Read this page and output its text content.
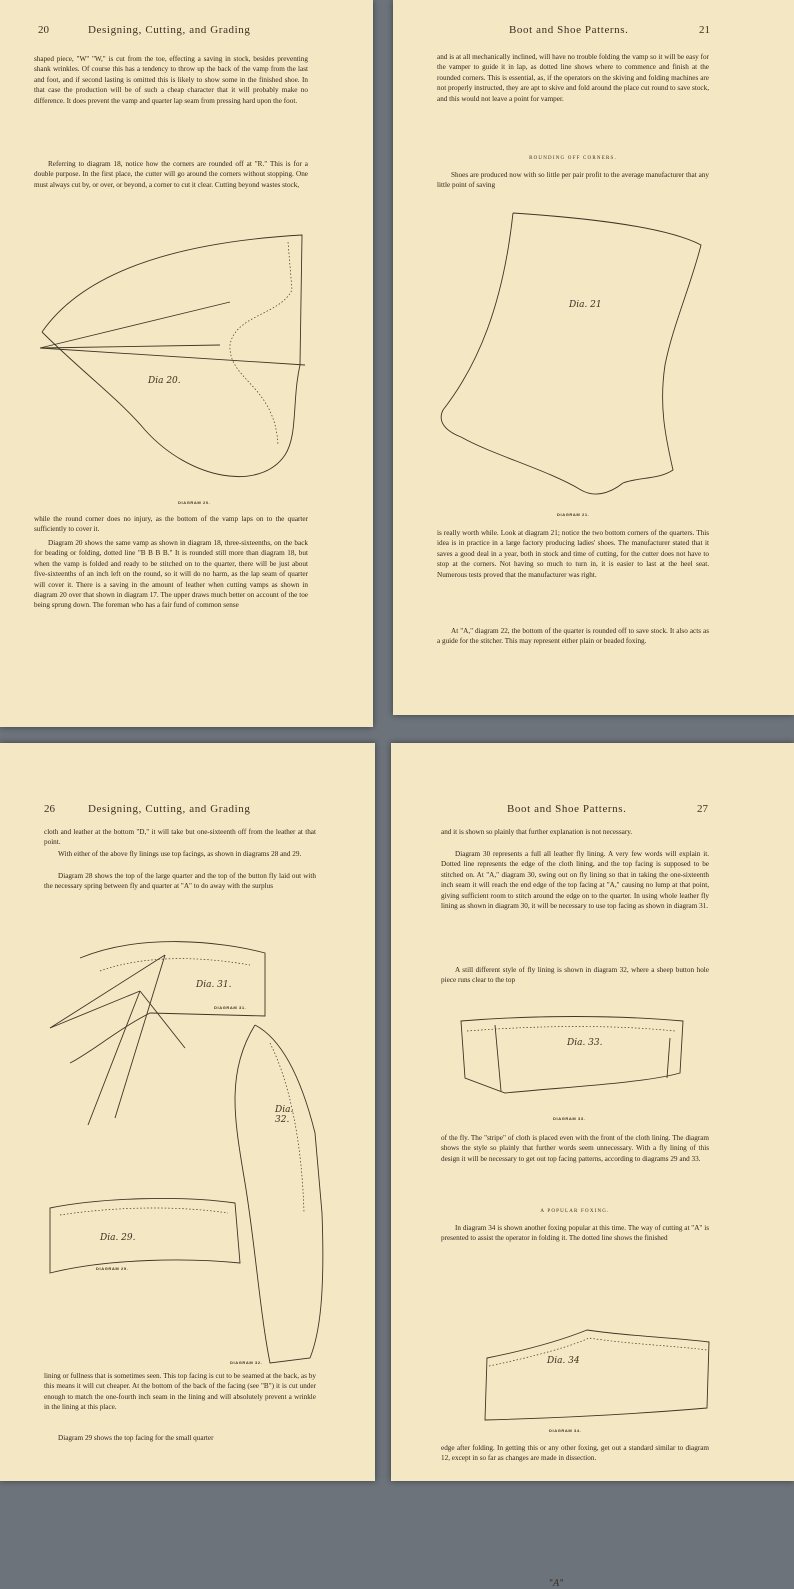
20	Designing, Cutting, and Grading

shaped piece, "W" "W," is cut from the toe, effecting a saving in stock, besides preventing shank wrinkles. Of course this has a tendency to throw up the back of the vamp from the last and foot, and if second lasting is omitted this is likely to show some in the finished shoe. In that case the production will be of such a cheap character that it will probably make no difference. It does prevent the vamp and quarter lap seam from pressing hard upon the foot.

Referring to diagram 18, notice how the corners are rounded off at "R." This is for a double purpose. In the first place, the cutter will go around the corners without stopping. One must always cut by, or over, or beyond, a corner to cut it clear. Cutting beyond wastes stock,

Dia 20.
DIAGRAM 20.

while the round corner does no injury, as the bottom of the vamp laps on to the quarter sufficiently to cover it.

Diagram 20 shows the same vamp as shown in diagram 18, three-sixteenths, on the back for beading or folding, dotted line "B B B B." It is rounded still more than diagram 18, but when the vamp is folded and ready to be stitched on to the quarter, there will be just about five-sixteenths of an inch left on the round, so it will do no harm, as the lap seam of quarter will cover it. There is a saving in the amount of leather when cutting vamps as shown in diagram 20 over that shown in diagram 17. The upper draws much better on account of the toe being sprung down. The foreman who has a fair fund of common sense

Boot and Shoe Patterns.	21

and is at all mechanically inclined, will have no trouble folding the vamp so it will be easy for the vamper to guide it in lap, as dotted line shows where to commence and finish at the rounded corners. This is essential, as, if the operators on the skiving and folding machines are not properly instructed, they are apt to skive and fold around the place cut round to save stock, and this would not leave a point for vamper.

ROUNDING OFF CORNERS.

Shoes are produced now with so little per pair profit to the average manufacturer that any little point of saving

Dia. 21
DIAGRAM 21.

is really worth while. Look at diagram 21; notice the two bottom corners of the quarters. This idea is in practice in a large factory producing ladies' shoes. The manufacturer stated that it saves a good deal in a year, both in stock and time of cutting, for the cutter does not have to stop at the corners. Not having so much to turn in, it is easier to last at the heel seat. Numerous tests proved that the manufacturer was right.

At "A," diagram 22, the bottom of the quarter is rounded off to save stock. It also acts as a guide for the stitcher. This may represent either plain or beaded foxing.

26	Designing, Cutting, and Grading

cloth and leather at the bottom "D," it will take but one-sixteenth off from the leather at that point.

With either of the above fly linings use top facings, as shown in diagrams 28 and 29.

Diagram 28 shows the top of the large quarter and the top of the button fly laid out with the necessary spring between fly and quarter at "A" to do away with the surplus

Dia. 31.
DIAGRAM 31.
Dia. 32.
Dia. 29.
DIAGRAM 29.
DIAGRAM 32.

lining or fullness that is sometimes seen. This top facing is cut to be seamed at the back, as by this means it will cut cheaper. At the bottom of the back of the facing (see "B") it is cut under enough to match the one-fourth inch seam in the lining and will absolutely prevent a wrinkle in the lining at this place.

Diagram 29 shows the top facing for the small quarter

Boot and Shoe Patterns.	27

and it is shown so plainly that further explanation is not necessary.

Diagram 30 represents a full all leather fly lining. A very few words will explain it. Dotted line represents the edge of the cloth lining, and the top facing is supposed to be stitched on. At "A," diagram 30, swing out on fly lining so that in taking the one-sixteenth inch seam it will reach the end edge of the top facing at "A," causing no lump at that point, giving sufficient room to stitch around the edge on to the quarter. In using whole leather fly lining as shown in diagram 30, it will be necessary to use top facing as shown in diagram 31.

A still different style of fly lining is shown in diagram 32, where a sheep button hole piece runs clear to the top

Dia. 33.
DIAGRAM 33.

of the fly. The "stripe" of cloth is placed even with the front of the cloth lining. The diagram shows the style so plainly that further words seem unnecessary. With a fly lining of this design it will be necessary to get out top facing patterns, according to diagrams 29 and 33.

A POPULAR FOXING.

In diagram 34 is shown another foxing popular at this time. The way of cutting at "A" is presented to assist the operator in folding it. The dotted line shows the finished

"A"
Dia. 34
DIAGRAM 34.

edge after folding. In getting this or any other foxing, get out a standard similar to diagram 12, except in so far as changes are made in dissection.
